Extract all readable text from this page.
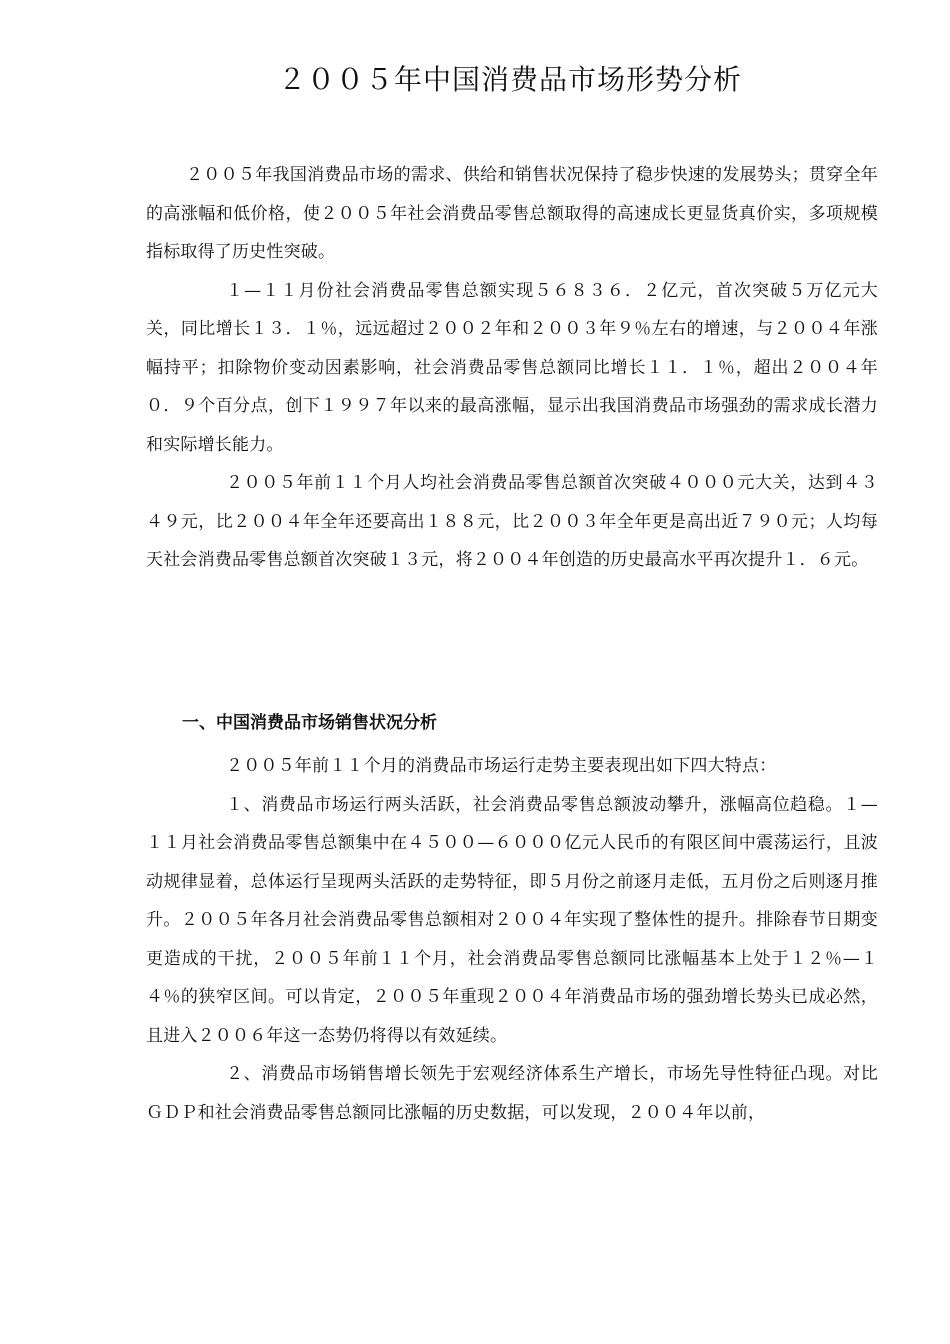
２００５年中国消费品市场形势分析

２００５年我国消费品市场的需求、供给和销售状况保持了稳步快速的发展势头；贯穿全年的高涨幅和低价格，使２００５年社会消费品零售总额取得的高速成长更显货真价实，多项规模指标取得了历史性突破。

１—１１月份社会消费品零售总额实现５６８３６．２亿元，首次突破５万亿元大关，同比增长１３．１％，远远超过２００２年和２００３年９％左右的增速，与２００４年涨幅持平；扣除物价变动因素影响，社会消费品零售总额同比增长１１．１％，超出２００４年０．９个百分点，创下１９９７年以来的最高涨幅，显示出我国消费品市场强劲的需求成长潜力和实际增长能力。

２００５年前１１个月人均社会消费品零售总额首次突破４０００元大关，达到４３４９元，比２００４年全年还要高出１８８元，比２００３年全年更是高出近７９０元；人均每天社会消费品零售总额首次突破１３元，将２００４年创造的历史最高水平再次提升１．６元。

一、中国消费品市场销售状况分析

２００５年前１１个月的消费品市场运行走势主要表现出如下四大特点：

１、消费品市场运行两头活跃，社会消费品零售总额波动攀升，涨幅高位趋稳。１—１１月社会消费品零售总额集中在４５００—６０００亿元人民币的有限区间中震荡运行，且波动规律显着，总体运行呈现两头活跃的走势特征，即５月份之前逐月走低，五月份之后则逐月推升。２００５年各月社会消费品零售总额相对２００４年实现了整体性的提升。排除春节日期变更造成的干扰，２００５年前１１个月，社会消费品零售总额同比涨幅基本上处于１２％—１４％的狭窄区间。可以肯定，２００５年重现２００４年消费品市场的强劲增长势头已成必然，且进入２００６年这一态势仍将得以有效延续。

２、消费品市场销售增长领先于宏观经济体系生产增长，市场先导性特征凸现。对比ＧＤＰ和社会消费品零售总额同比涨幅的历史数据，可以发现，２００４年以前，
